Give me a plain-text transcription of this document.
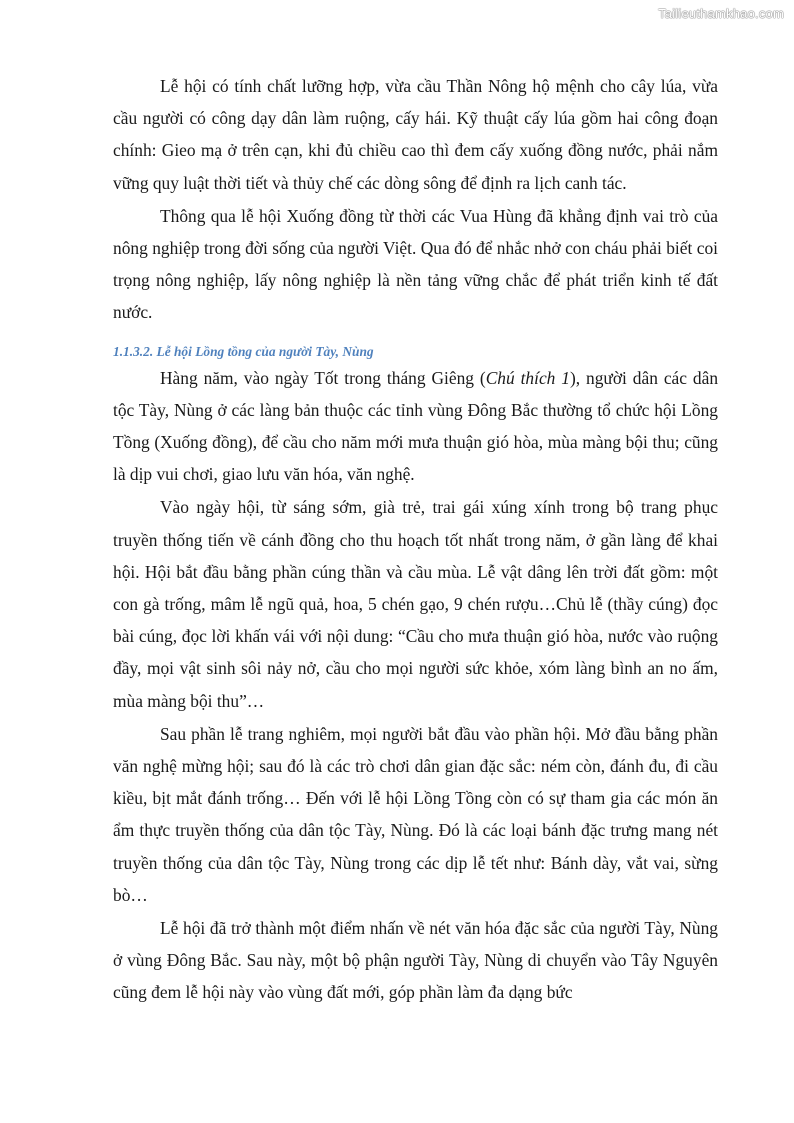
Tailieuthamkhao.com

Lễ hội có tính chất lưỡng hợp, vừa cầu Thần Nông hộ mệnh cho cây lúa, vừa cầu người có công dạy dân làm ruộng, cấy hái. Kỹ thuật cấy lúa gồm hai công đoạn chính: Gieo mạ ở trên cạn, khi đủ chiều cao thì đem cấy xuống đồng nước, phải nắm vững quy luật thời tiết và thủy chế các dòng sông để định ra lịch canh tác.

Thông qua lễ hội Xuống đồng từ thời các Vua Hùng đã khẳng định vai trò của nông nghiệp trong đời sống của người Việt. Qua đó để nhắc nhở con cháu phải biết coi trọng nông nghiệp, lấy nông nghiệp là nền tảng vững chắc để phát triển kinh tế đất nước.

1.1.3.2. Lễ hội Lồng tồng của người Tày, Nùng

Hàng năm, vào ngày Tốt trong tháng Giêng (Chú thích 1), người dân các dân tộc Tày, Nùng ở các làng bản thuộc các tỉnh vùng Đông Bắc thường tổ chức hội Lồng Tồng (Xuống đồng), để cầu cho năm mới mưa thuận gió hòa, mùa màng bội thu; cũng là dịp vui chơi, giao lưu văn hóa, văn nghệ.

Vào ngày hội, từ sáng sớm, già trẻ, trai gái xúng xính trong bộ trang phục truyền thống tiến về cánh đồng cho thu hoạch tốt nhất trong năm, ở gần làng để khai hội. Hội bắt đầu bằng phần cúng thần và cầu mùa. Lễ vật dâng lên trời đất gồm: một con gà trống, mâm lễ ngũ quả, hoa, 5 chén gạo, 9 chén rượu…Chủ lễ (thầy cúng) đọc bài cúng, đọc lời khấn vái với nội dung: “Cầu cho mưa thuận gió hòa, nước vào ruộng đầy, mọi vật sinh sôi nảy nở, cầu cho mọi người sức khỏe, xóm làng bình an no ấm, mùa màng bội thu”…

Sau phần lễ trang nghiêm, mọi người bắt đầu vào phần hội. Mở đầu bằng phần văn nghệ mừng hội; sau đó là các trò chơi dân gian đặc sắc: ném còn, đánh đu, đi cầu kiều, bịt mắt đánh trống… Đến với lễ hội Lồng Tồng còn có sự tham gia các món ăn ẩm thực truyền thống của dân tộc Tày, Nùng. Đó là các loại bánh đặc trưng mang nét truyền thống của dân tộc Tày, Nùng trong các dịp lễ tết như: Bánh dày, vắt vai, sừng bò…

Lễ hội đã trở thành một điểm nhấn về nét văn hóa đặc sắc của người Tày, Nùng ở vùng Đông Bắc. Sau này, một bộ phận người Tày, Nùng di chuyển vào Tây Nguyên cũng đem lễ hội này vào vùng đất mới, góp phần làm đa dạng bức
